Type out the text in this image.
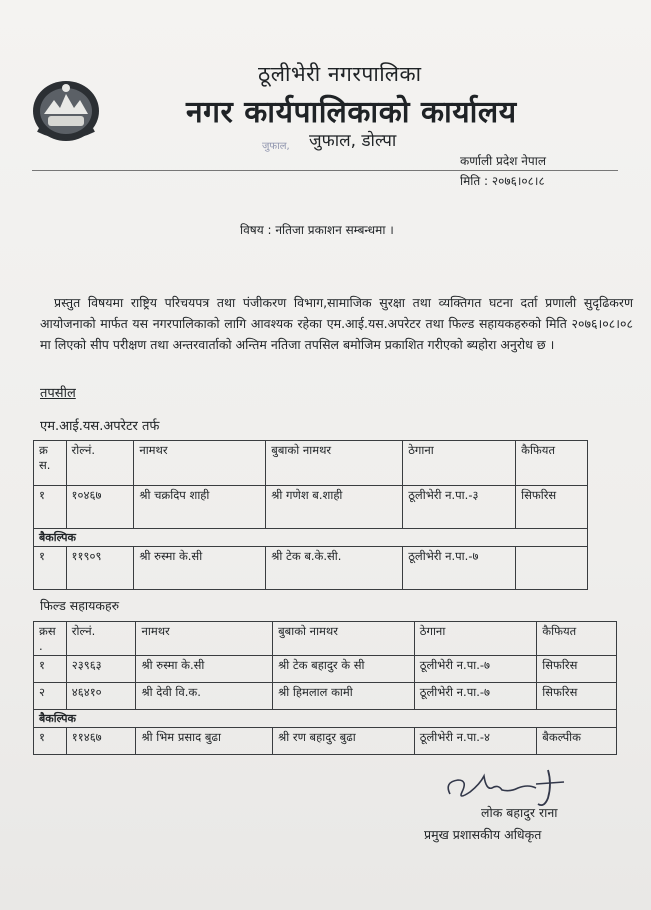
ठूलीभेरी नगरपालिका
नगर कार्यपालिकाको कार्यालय
जुफाल, जुफाल, डोल्पा
कर्णाली प्रदेश नेपाल
मिति : २०७६।०८।८
विषय : नतिजा प्रकाशन सम्बन्धमा ।
प्रस्तुत विषयमा राष्ट्रिय परिचयपत्र तथा पंजीकरण विभाग,सामाजिक सुरक्षा तथा व्यक्तिगत घटना दर्ता प्रणाली सुदृढिकरण आयोजनाको मार्फत यस नगरपालिकाको लागि आवश्यक रहेका एम.आई.यस.अपरेटर तथा फिल्ड सहायकहरुको मिति २०७६।०८।०८ मा लिएको सीप परीक्षण तथा अन्तरवार्ताको अन्तिम नतिजा तपसिल बमोजिम प्रकाशित गरीएको ब्यहोरा अनुरोध छ ।
तपसील
एम.आई.यस.अपरेटर तर्फ
क्र स.	रोल्नं.	नामथर	बुबाको नामथर	ठेगाना	कैफियत
१	१०४६७	श्री चक्रदिप शाही	श्री गणेश ब.शाही	ठूलीभेरी न.पा.-३	सिफरिस
बैकल्पिक					
१	११९०९	श्री रुस्मा के.सी	श्री टेक ब.के.सी.	ठूलीभेरी न.पा.-७	
फिल्ड सहायकहरु
क्रस .	रोल्नं.	नामथर	बुबाको नामथर	ठेगाना	कैफियत
१	२३९६३	श्री रुस्मा के.सी	श्री टेक बहादुर के सी	ठूलीभेरी न.पा.-७	सिफरिस
२	४६४१०	श्री देवी वि.क.	श्री हिमलाल कामी	ठूलीभेरी न.पा.-७	सिफरिस
बैकल्पिक					
१	११४६७	श्री भिम प्रसाद बुढा	श्री रण बहादुर बुढा	ठूलीभेरी न.पा.-४	बैकल्पीक
लोक बहादुर राना
प्रमुख प्रशासकीय अधिकृत
